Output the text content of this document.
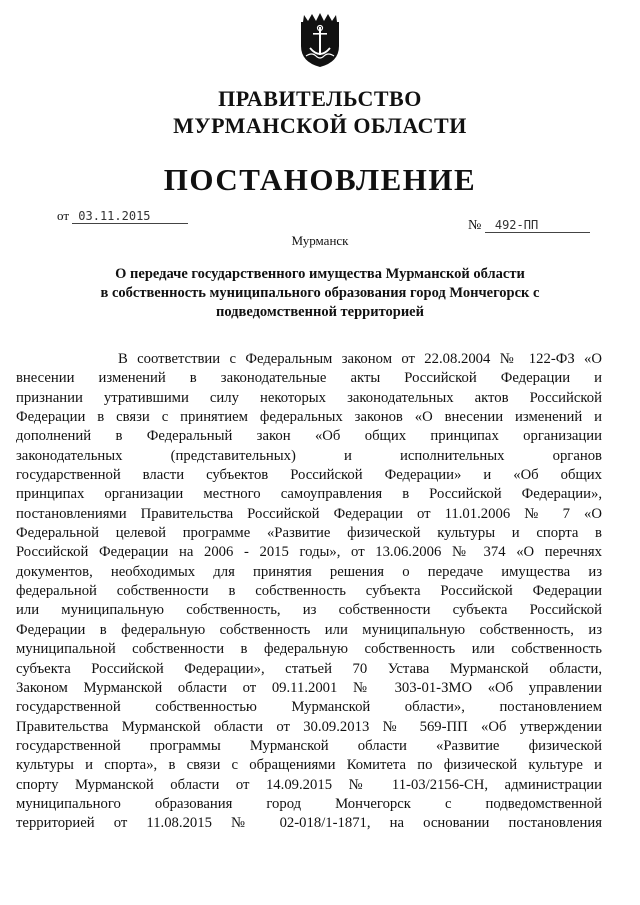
ПРАВИТЕЛЬСТВО
МУРМАНСКОЙ ОБЛАСТИ
ПОСТАНОВЛЕНИЕ
от 03.11.2015
№ 492-ПП
Мурманск
О передаче государственного имущества Мурманской области
в собственность муниципального образования город Мончегорск с
подведомственной территорией
В соответствии с Федеральным законом от 22.08.2004 № 122-ФЗ «О
внесении изменений в законодательные акты Российской Федерации и
признании утратившими силу некоторых законодательных актов Российской
Федерации в связи с принятием федеральных законов «О внесении изменений и
дополнений в Федеральный закон «Об общих принципах организации
законодательных (представительных) и исполнительных органов
государственной власти субъектов Российской Федерации» и «Об общих
принципах организации местного самоуправления в Российской Федерации»,
постановлениями Правительства Российской Федерации от 11.01.2006 № 7 «О
Федеральной целевой программе «Развитие физической культуры и спорта в
Российской Федерации на 2006 - 2015 годы», от 13.06.2006 № 374 «О перечнях
документов, необходимых для принятия решения о передаче имущества из
федеральной собственности в собственность субъекта Российской Федерации
или муниципальную собственность, из собственности субъекта Российской
Федерации в федеральную собственность или муниципальную собственность, из
муниципальной собственности в федеральную собственность или собственность
субъекта Российской Федерации», статьей 70 Устава Мурманской области,
Законом Мурманской области от 09.11.2001 № 303-01-ЗМО «Об управлении
государственной собственностью Мурманской области», постановлением
Правительства Мурманской области от 30.09.2013 № 569-ПП «Об утверждении
государственной программы Мурманской области «Развитие физической
культуры и спорта», в связи с обращениями Комитета по физической культуре и
спорту Мурманской области от 14.09.2015 № 11-03/2156-СН, администрации
муниципального образования город Мончегорск с подведомственной
территорией от 11.08.2015 № 02-018/1-1871, на основании постановления
